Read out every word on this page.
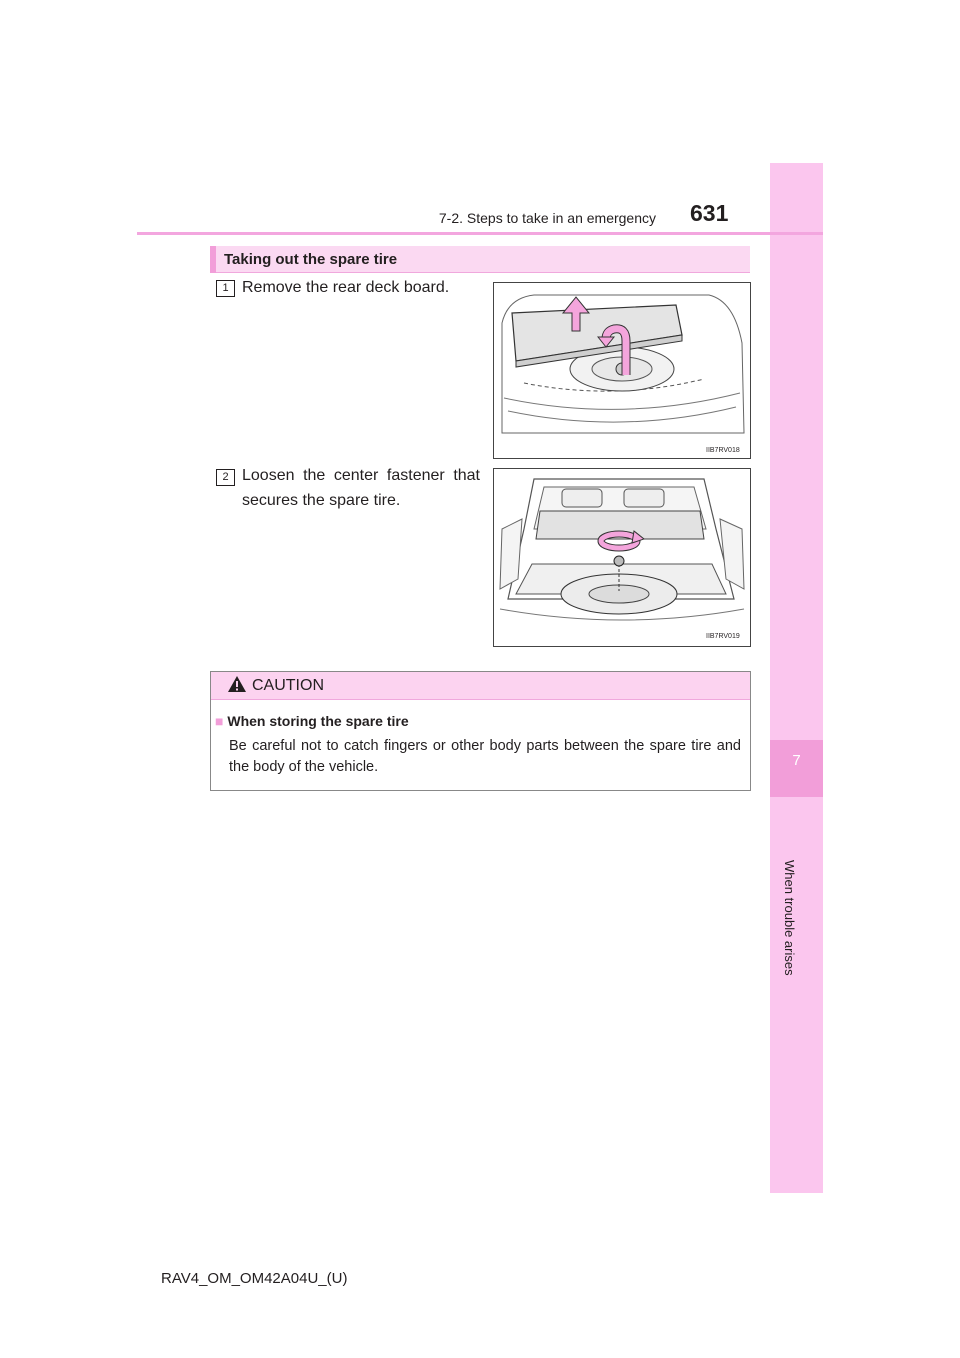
7
When trouble arises
7-2. Steps to take in an emergency 631
Taking out the spare tire
1 Remove the rear deck board.
IIB7RV018
2 Loosen the center fastener that
secures the spare tire.
IIB7RV019
CAUTION
■ When storing the spare tire
Be careful not to catch fingers or other body parts between the spare tire and the body of the vehicle.
RAV4_OM_OM42A04U_(U)
